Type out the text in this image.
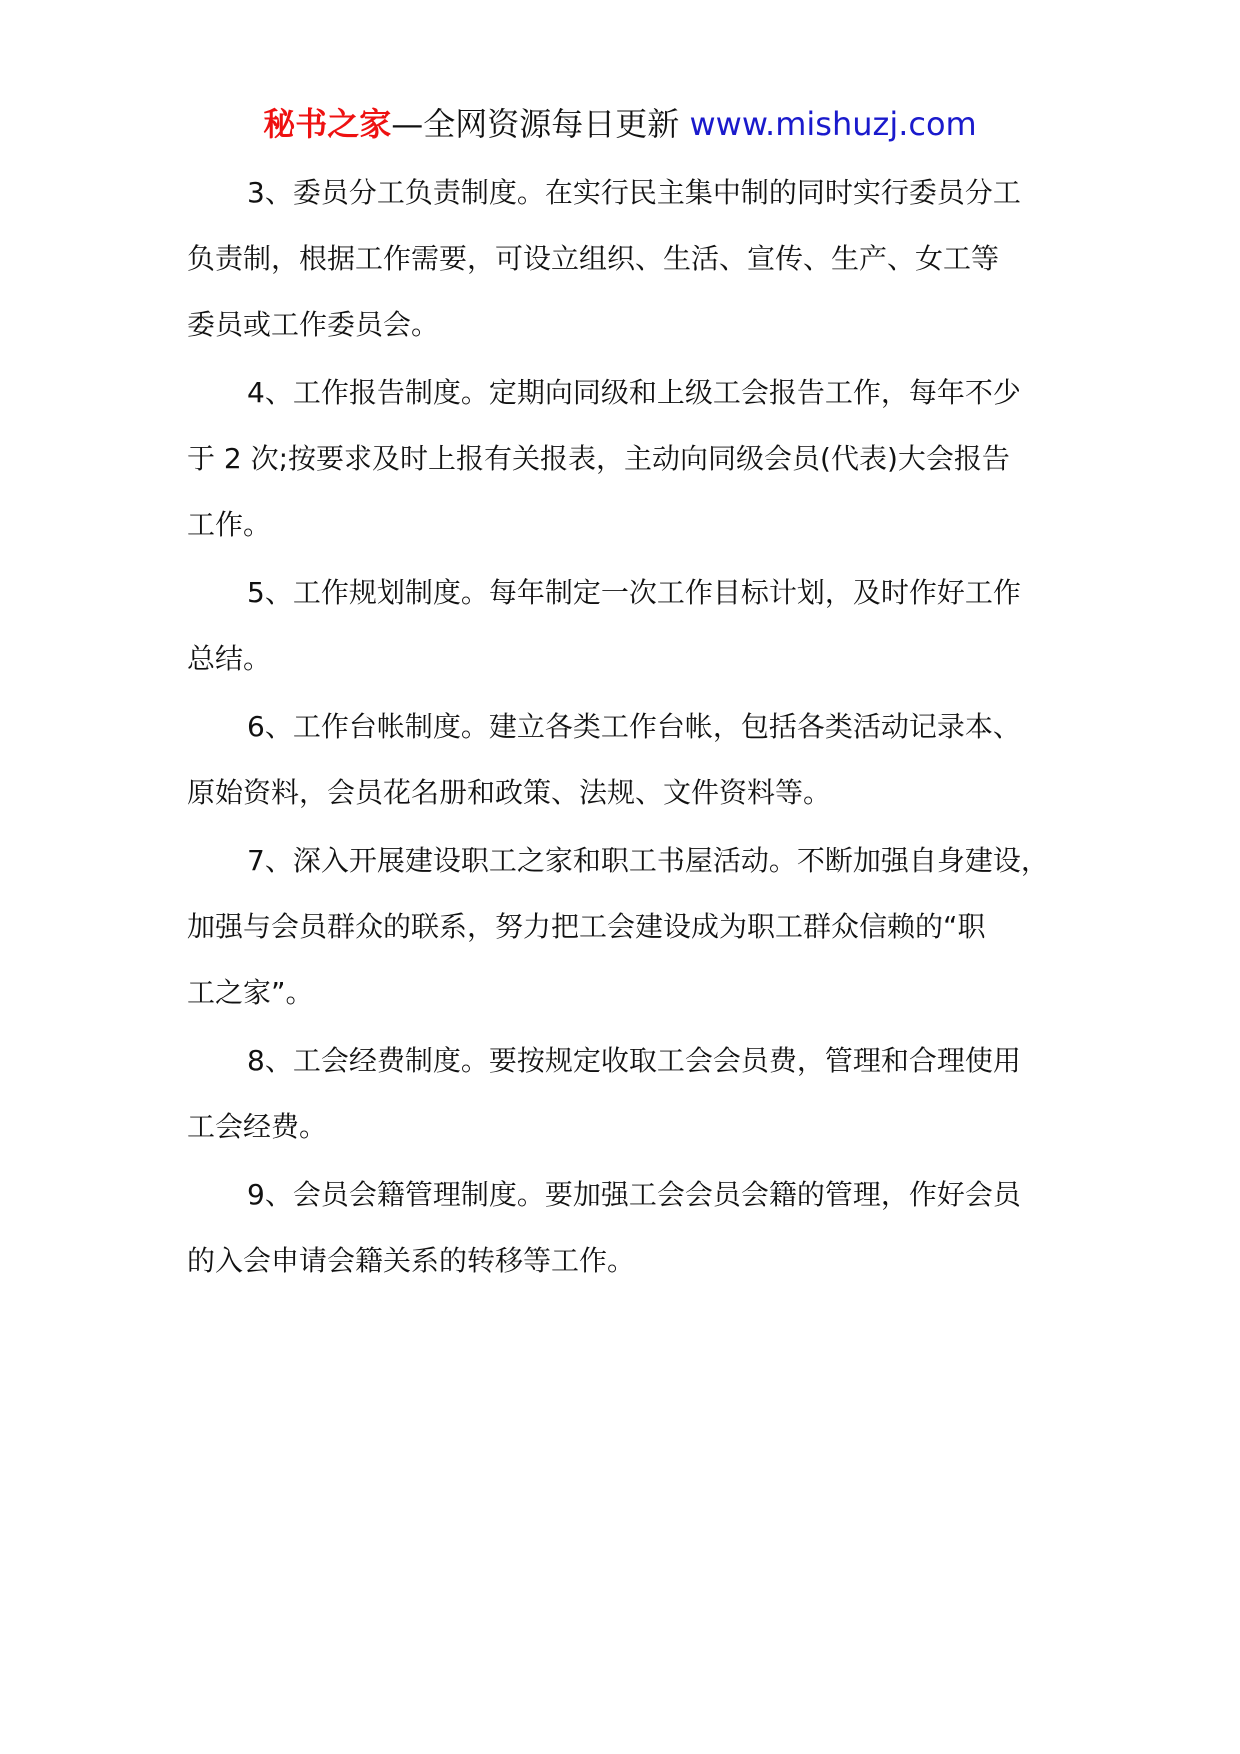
秘书之家—全网资源每日更新 www.mishuzj.com

3、委员分工负责制度。在实行民主集中制的同时实行委员分工
负责制，根据工作需要，可设立组织、生活、宣传、生产、女工等
委员或工作委员会。

4、工作报告制度。定期向同级和上级工会报告工作，每年不少
于 2 次;按要求及时上报有关报表，主动向同级会员(代表)大会报告
工作。

5、工作规划制度。每年制定一次工作目标计划，及时作好工作
总结。

6、工作台帐制度。建立各类工作台帐，包括各类活动记录本、
原始资料，会员花名册和政策、法规、文件资料等。

7、深入开展建设职工之家和职工书屋活动。不断加强自身建设，
加强与会员群众的联系，努力把工会建设成为职工群众信赖的“职
工之家”。

8、工会经费制度。要按规定收取工会会员费，管理和合理使用
工会经费。

9、会员会籍管理制度。要加强工会会员会籍的管理，作好会员
的入会申请会籍关系的转移等工作。
